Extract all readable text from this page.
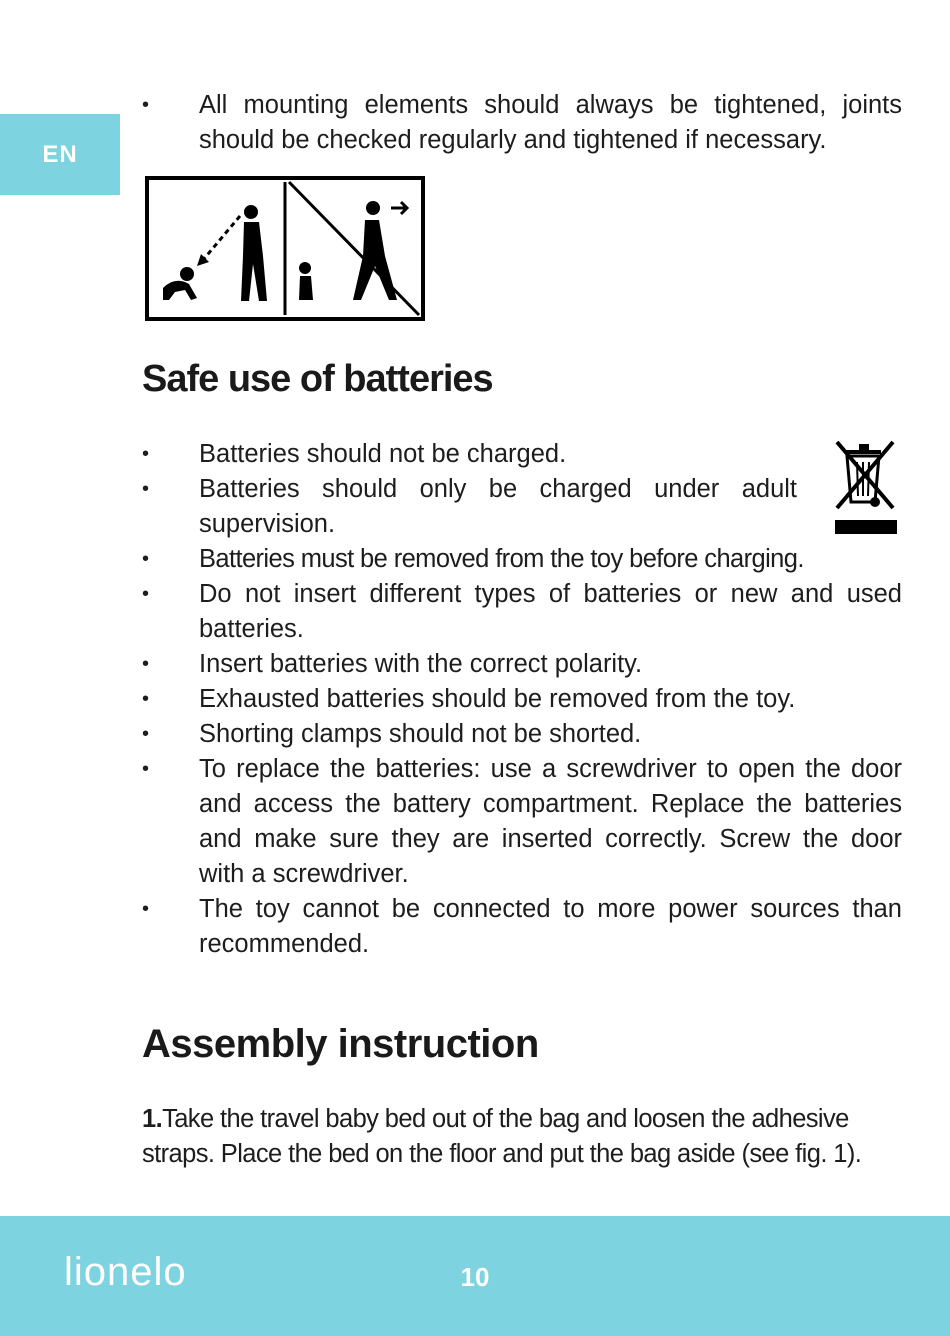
EN
•	All mounting elements should always be tightened, joints should be checked regularly and tightened if necessary.
Safe use of batteries
•	Batteries should not be charged.
•	Batteries should only be charged under adult supervision.
•	Batteries must be removed from the toy before charging.
•	Do not insert different types of batteries or new and used batteries.
•	Insert batteries with the correct polarity.
•	Exhausted batteries should be removed from the toy.
•	Shorting clamps should not be shorted.
•	To replace the batteries: use a screwdriver to open the door and access the battery compartment. Replace the batteries and make sure they are inserted correctly. Screw the door with a screwdriver.
•	The toy cannot be connected to more power sources than recommended.
Assembly instruction
1.Take the travel baby bed out of the bag and loosen the adhesive straps. Place the bed on the floor and put the bag aside (see fig. 1).
lionelo	10
